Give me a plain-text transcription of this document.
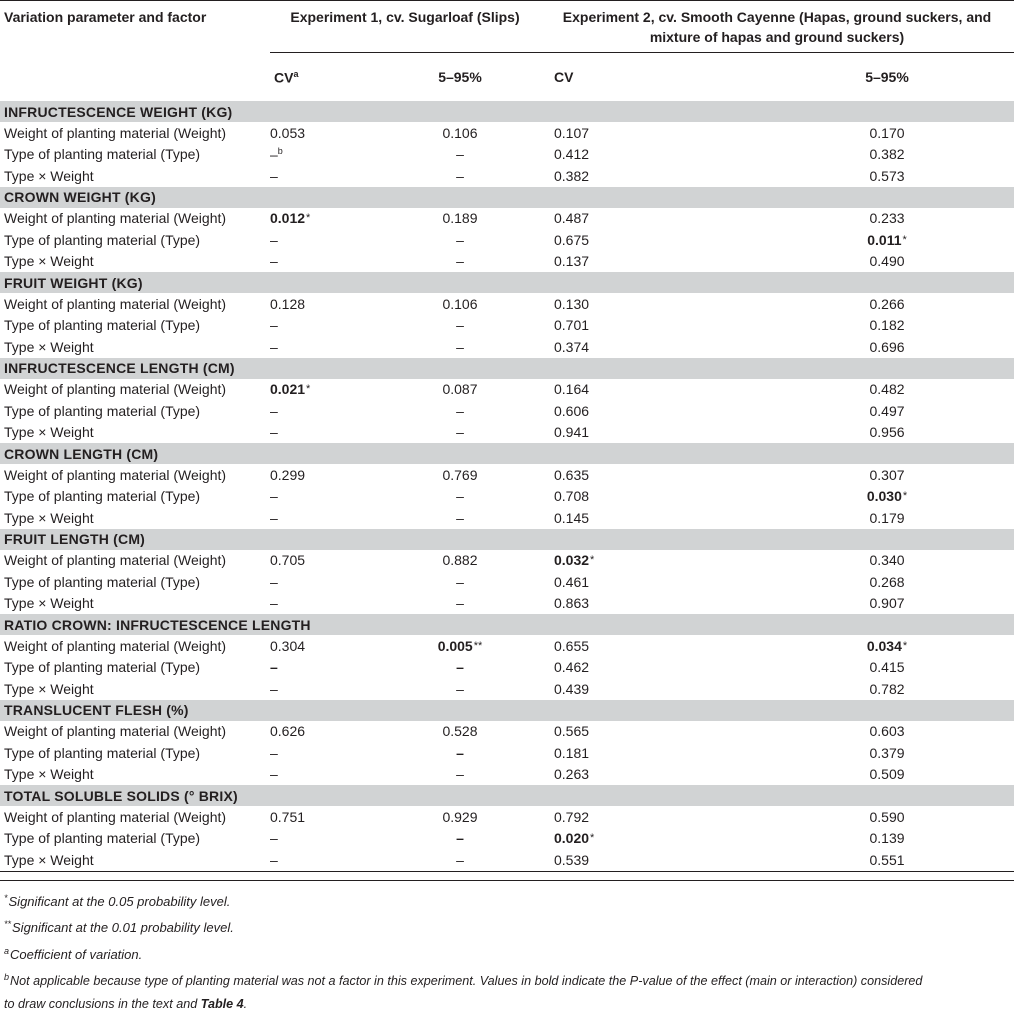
Variation parameter and factor	Experiment 1, cv. Sugarloaf (Slips)		Experiment 2, cv. Smooth Cayenne (Hapas, ground suckers, and
mixture of hapas and ground suckers)	

	$CV^a$	5–95%	CV	5–95%
INFRUCTESCENCE WEIGHT (KG)				
Weight of planting material (Weight)	0.053	0.106	0.107	0.170
Type of planting material (Type)	–$^b$	–	0.412	0.382
Type × Weight	–	–	0.382	0.573
CROWN WEIGHT (KG)				
Weight of planting material (Weight)	0.012*	0.189	0.487	0.233
Type of planting material (Type)	–	–	0.675	0.011*
Type × Weight	–	–	0.137	0.490
FRUIT WEIGHT (KG)				
Weight of planting material (Weight)	0.128	0.106	0.130	0.266
Type of planting material (Type)	–	–	0.701	0.182
Type × Weight	–	–	0.374	0.696
INFRUCTESCENCE LENGTH (CM)				
Weight of planting material (Weight)	0.021*	0.087	0.164	0.482
Type of planting material (Type)	–	–	0.606	0.497
Type × Weight	–	–	0.941	0.956
CROWN LENGTH (CM)				
Weight of planting material (Weight)	0.299	0.769	0.635	0.307
Type of planting material (Type)	–	–	0.708	0.030*
Type × Weight	–	–	0.145	0.179
FRUIT LENGTH (CM)				
Weight of planting material (Weight)	0.705	0.882	0.032*	0.340
Type of planting material (Type)	–	–	0.461	0.268
Type × Weight	–	–	0.863	0.907
RATIO CROWN: INFRUCTESCENCE LENGTH				
Weight of planting material (Weight)	0.304	0.005**	0.655	0.034*
Type of planting material (Type)	–	–	0.462	0.415
Type × Weight	–	–	0.439	0.782
TRANSLUCENT FLESH (%)				
Weight of planting material (Weight)	0.626	0.528	0.565	0.603
Type of planting material (Type)	–	–	0.181	0.379
Type × Weight	–	–	0.263	0.509
TOTAL SOLUBLE SOLIDS (° BRIX)				
Weight of planting material (Weight)	0.751	0.929	0.792	0.590
Type of planting material (Type)	–	–	0.020*	0.139
Type × Weight	–	–	0.539	0.551
*Significant at the 0.05 probability level.
**Significant at the 0.01 probability level.
$^a$Coefficient of variation.
$^b$Not applicable because type of planting material was not a factor in this experiment. Values in bold indicate the P-value of the effect (main or interaction) considered
to draw conclusions in the text and Table 4.
